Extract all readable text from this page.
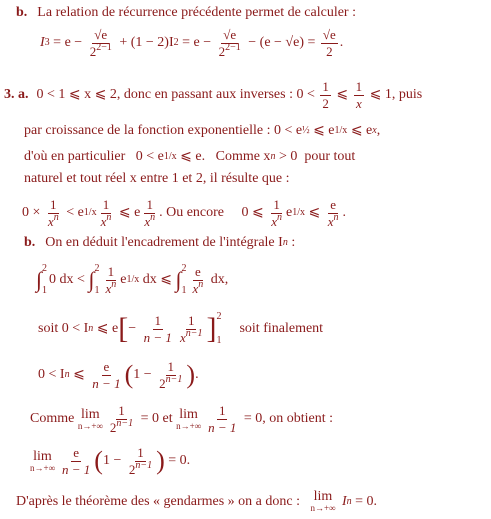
b. La relation de récurrence précédente permet de calculer :
I $3 = e - \frac{√e}{2^{2-1}} + (1 - 2)I$ $2 = e - \frac{√e}{2^{2-1}} - (e - √e) = \frac{√e}{2}$ .
3. a. 0 < 1 ⩽ x ⩽ 2, donc en passant aux inverses : $0 < \frac{1}{2}$ ⩽ $\frac{1}{x}$ ⩽ 1, puis
par croissance de la fonction exponentielle : 0 < e ½ ⩽ e 1/x ⩽ e x ,
d'où en particulier   0 < e 1/x ⩽ e.   Comme x n > 0  pour tout
naturel et tout réel x entre 1 et 2, il résulte que :
$0 \times \frac{1}{x^n} < e$ $1/x \frac{1}{x^n}$ ⩽ e $\frac{1}{x^n}$ . Ou encore     0 ⩽ $\frac{1}{x^n}$ e 1/x ⩽ $\frac{e}{x^n}$ .
b. On en déduit l'encadrement de l'intégrale I n :
∫ 2
1
0 dx < ∫ 2
$1 \frac{1}{x^n}$ e 1/x dx ⩽ ∫ 2
$1 \frac{e}{x^n}$ dx,
soit 0 < I n ⩽ e [ − $\frac{1}{n - 1} \frac{1}{x^{n-1}}$ ] 2
1
soit finalement
0 < I n ⩽ $\frac{e}{n - 1}$ ( $1 - \frac{1}{2^{n-1}}$ ) .
Comme lim
$n\to+\infty \frac{1}{2^{n-1}} = 0$ et lim
$n\to+\infty \frac{1}{n - 1} = 0$, on obtient :
lim
$n\to+\infty \frac{e}{n - 1}$ ( $1 - \frac{1}{2^{n-1}}$ ) = 0.
D'après le théorème des « gendarmes » on a donc : lim
n→+∞ I n = 0.
